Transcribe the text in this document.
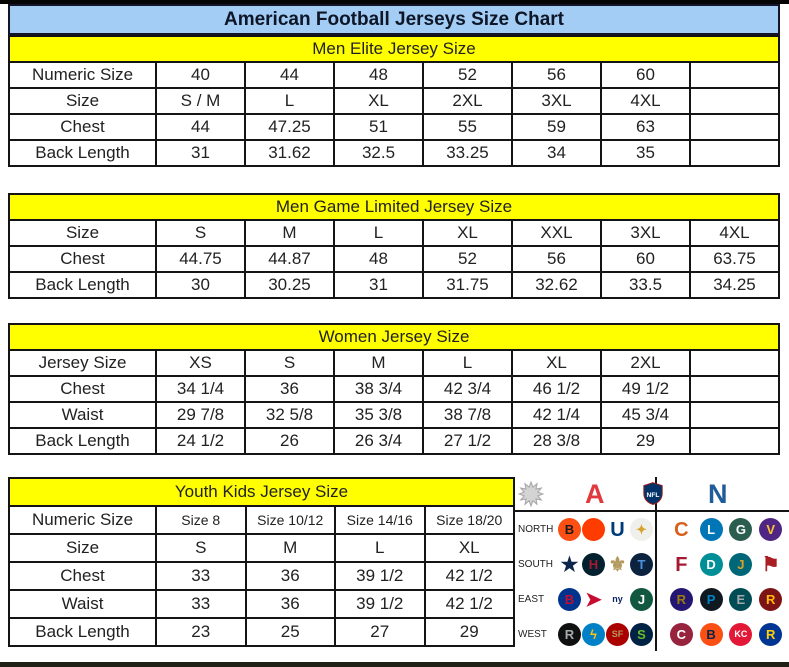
American Football Jerseys Size Chart
Men Elite Jersey Size							
Numeric Size	40	44	48	52	56	60	
Size	S / M	L	XL	2XL	3XL	4XL	
Chest	44	47.25	51	55	59	63	
Back Length	31	31.62	32.5	33.25	34	35	
Men Game Limited Jersey Size							
Size	S	M	L	XL	XXL	3XL	4XL
Chest	44.75	44.87	48	52	56	60	63.75
Back Length	30	30.25	31	31.75	32.62	33.5	34.25
Women Jersey Size							
Jersey Size	XS	S	M	L	XL	2XL	
Chest	34 1/4	36	38 3/4	42 3/4	46 1/2	49 1/2	
Waist	29 7/8	32 5/8	35 3/8	38 7/8	42 1/4	45 3/4	
Back Length	24 1/2	26	26 3/4	27 1/2	28 3/8	29	
Youth Kids Jersey Size				
Numeric Size	Size 8	Size 10/12	Size 14/16	Size 18/20
Size	S	M	L	XL
Chest	33	36	39 1/2	42 1/2
Waist	33	36	39 1/2	42 1/2
Back Length	23	25	27	29
A	NFL N
NORTH B	U ✦	C	L	G	V
SOUTH ★ H ⚜ T	F	D	J ⚑
EAST	B ➤	ny	J	R	P	E	R
WEST	R	ϟ	SF	S	C	B	KC	R
